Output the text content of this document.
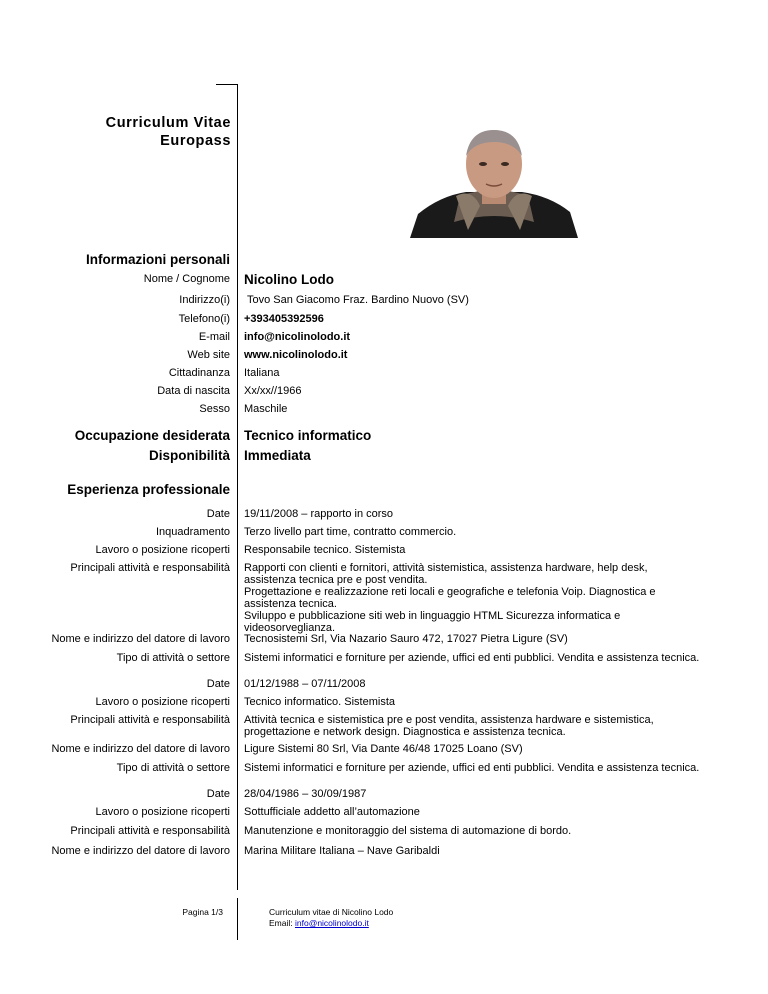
Curriculum Vitae
Europass
Informazioni personali
Nome / Cognome Nicolino Lodo
Indirizzo(i) Tovo San Giacomo Fraz. Bardino Nuovo (SV)
Telefono(i) +393405392596
E-mail info@nicolinolodo.it
Web site www.nicolinolodo.it
Cittadinanza Italiana
Data di nascita Xx/xx//1966
Sesso Maschile
Occupazione desiderata Tecnico informatico
Disponibilità Immediata
Esperienza professionale
Date 19/11/2008 – rapporto in corso
Inquadramento Terzo livello part time, contratto commercio.
Lavoro o posizione ricoperti Responsabile tecnico. Sistemista
Principali attività e responsabilità Rapporti con clienti e fornitori, attività sistemistica, assistenza hardware, help desk, assistenza tecnica pre e post vendita.
Progettazione e realizzazione reti locali e geografiche e telefonia Voip. Diagnostica e assistenza tecnica.
Sviluppo e pubblicazione siti web in linguaggio HTML Sicurezza informatica e videosorveglianza.
Nome e indirizzo del datore di lavoro Tecnosistemi Srl, Via Nazario Sauro 472, 17027 Pietra Ligure (SV)
Tipo di attività o settore Sistemi informatici e forniture per aziende, uffici ed enti pubblici. Vendita e assistenza tecnica.
Date 01/12/1988 – 07/11/2008
Lavoro o posizione ricoperti Tecnico informatico. Sistemista
Principali attività e responsabilità Attività tecnica e sistemistica pre e post vendita, assistenza hardware e sistemistica, progettazione e network design. Diagnostica e assistenza tecnica.
Nome e indirizzo del datore di lavoro Ligure Sistemi 80 Srl, Via Dante 46/48 17025 Loano (SV)
Tipo di attività o settore Sistemi informatici e forniture per aziende, uffici ed enti pubblici. Vendita e assistenza tecnica.
Date 28/04/1986 – 30/09/1987
Lavoro o posizione ricoperti Sottufficiale addetto all’automazione
Principali attività e responsabilità Manutenzione e monitoraggio del sistema di automazione di bordo.
Nome e indirizzo del datore di lavoro Marina Militare Italiana – Nave Garibaldi
Pagina 1/3	Curriculum vitae di Nicolino Lodo
Email: info@nicolinolodo.it
